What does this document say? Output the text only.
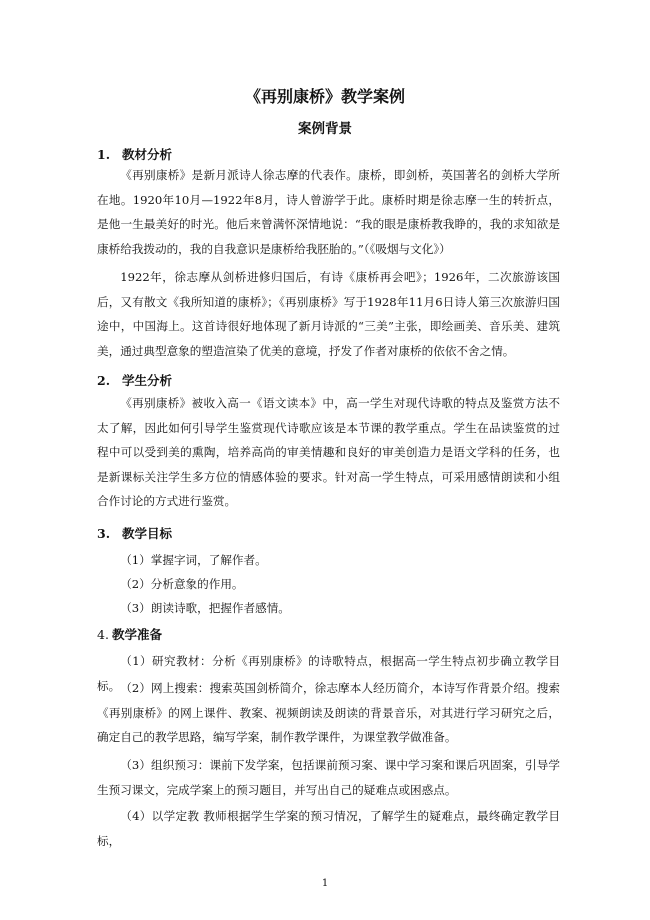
《再别康桥》教学案例
案例背景
1. 教材分析

《再别康桥》是新月派诗人徐志摩的代表作。康桥，即剑桥，英国著名的剑桥大学所在地。1920年10月—1922年8月，诗人曾游学于此。康桥时期是徐志摩一生的转折点，是他一生最美好的时光。他后来曾满怀深情地说：“我的眼是康桥教我睁的，我的求知欲是康桥给我拨动的，我的自我意识是康桥给我胚胎的。”（《吸烟与文化》）

1922年，徐志摩从剑桥进修归国后，有诗《康桥再会吧》；1926年，二次旅游该国后，又有散文《我所知道的康桥》；《再别康桥》写于1928年11月6日诗人第三次旅游归国途中，中国海上。这首诗很好地体现了新月诗派的“三美”主张，即绘画美、音乐美、建筑美，通过典型意象的塑造渲染了优美的意境，抒发了作者对康桥的依依不舍之情。

2. 学生分析

《再别康桥》被收入高一《语文读本》中，高一学生对现代诗歌的特点及鉴赏方法不太了解，因此如何引导学生鉴赏现代诗歌应该是本节课的教学重点。学生在品读鉴赏的过程中可以受到美的熏陶，培养高尚的审美情趣和良好的审美创造力是语文学科的任务，也是新课标关注学生多方位的情感体验的要求。针对高一学生特点，可采用感情朗读和小组合作讨论的方式进行鉴赏。

3. 教学目标

（1）掌握字词，了解作者。

（2）分析意象的作用。

（3）朗读诗歌，把握作者感情。

4. 教学准备

（1）研究教材：分析《再别康桥》的诗歌特点，根据高一学生特点初步确立教学目标。 （2）网上搜索：搜索英国剑桥简介，徐志摩本人经历简介，本诗写作背景介绍。搜索《再别康桥》的网上课件、教案、视频朗读及朗读的背景音乐，对其进行学习研究之后，确定自己的教学思路，编写学案，制作教学课件，为课堂教学做准备。

（3）组织预习：课前下发学案，包括课前预习案、课中学习案和课后巩固案，引导学生预习课文，完成学案上的预习题目，并写出自己的疑难点或困惑点。

（4）以学定教 教师根据学生学案的预习情况，了解学生的疑难点，最终确定教学目标，

1
